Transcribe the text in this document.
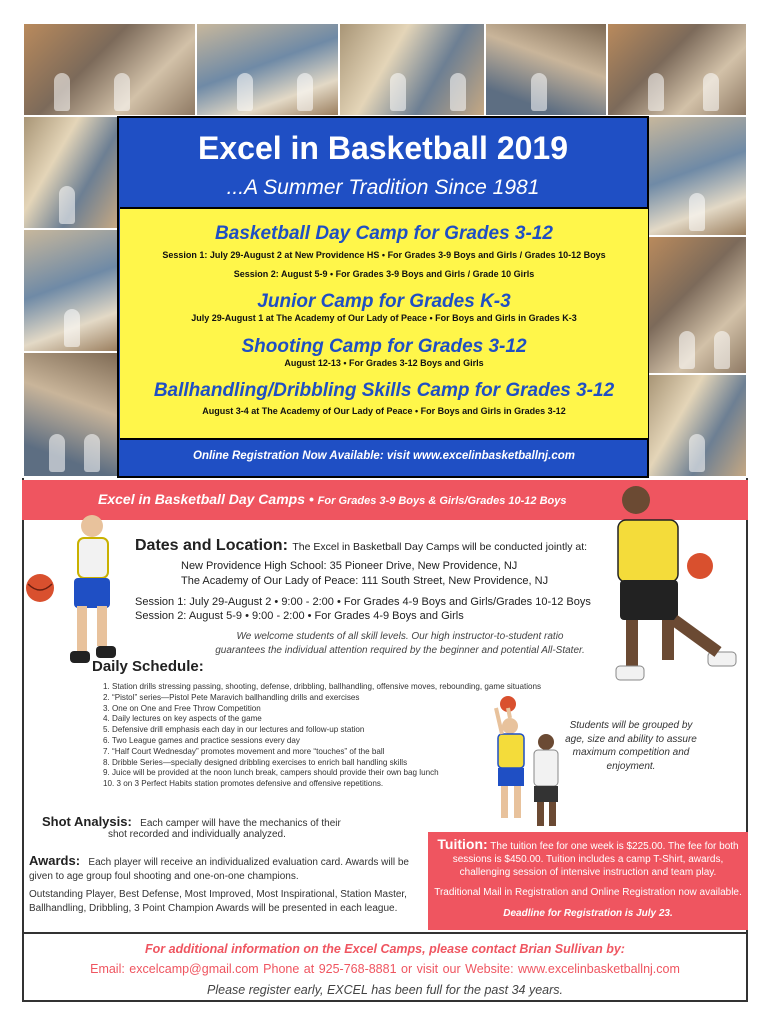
Excel in Basketball 2019
...A Summer Tradition Since 1981
Basketball Day Camp for Grades 3-12
Session 1: July 29-August 2 at New Providence HS • For Grades 3-9 Boys and Girls / Grades 10-12 Boys
Session 2: August 5-9 • For Grades 3-9 Boys and Girls / Grade 10 Girls
Junior Camp for Grades K-3
July 29-August 1 at The Academy of Our Lady of Peace • For Boys and Girls in Grades K-3
Shooting Camp for Grades 3-12
August 12-13 • For Grades 3-12 Boys and Girls
Ballhandling/Dribbling Skills Camp for Grades 3-12
August 3-4 at The Academy of Our Lady of Peace • For Boys and Girls in Grades 3-12
Online Registration Now Available: visit www.excelinbasketballnj.com
Excel in Basketball Day Camps • For Grades 3-9 Boys & Girls/Grades 10-12 Boys
Dates and Location: The Excel in Basketball Day Camps will be conducted jointly at:
New Providence High School: 35 Pioneer Drive, New Providence, NJ
The Academy of Our Lady of Peace: 111 South Street, New Providence, NJ
Session 1: July 29-August 2 • 9:00 - 2:00 • For Grades 4-9 Boys and Girls/Grades 10-12 Boys
Session 2: August 5-9 • 9:00 - 2:00 • For Grades 4-9 Boys and Girls
We welcome students of all skill levels. Our high instructor-to-student ratio
guarantees the individual attention required by the beginner and potential All-Stater.
Daily Schedule:
1. Station drills stressing passing, shooting, defense, dribbling, ballhandling, offensive moves, rebounding, game situations
2. “Pistol” series—Pistol Pete Maravich ballhandling drills and exercises
3. One on One and Free Throw Competition
4. Daily lectures on key aspects of the game
5. Defensive drill emphasis each day in our lectures and follow-up station
6. Two League games and practice sessions every day
7. “Half Court Wednesday” promotes movement and more “touches” of the ball
8. Dribble Series—specially designed dribbling exercises to enrich ball handling skills
9. Juice will be provided at the noon lunch break, campers should provide their own bag lunch
10. 3 on 3 Perfect Habits station promotes defensive and offensive repetitions.
Students will be grouped by age, size and ability to assure maximum competition and enjoyment.
Shot Analysis: Each camper will have the mechanics of their
shot recorded and individually analyzed.
Awards: Each player will receive an individualized evaluation card. Awards will be given to age group foul shooting and one-on-one champions.
Outstanding Player, Best Defense, Most Improved, Most Inspirational, Station Master, Ballhandling, Dribbling, 3 Point Champion Awards will be presented in each league.
Tuition: The tuition fee for one week is $225.00. The fee for both sessions is $450.00. Tuition includes a camp T-Shirt, awards, challenging session of intensive instruction and team play.
Traditional Mail in Registration and Online Registration now available.
Deadline for Registration is July 23.
For additional information on the Excel Camps, please contact Brian Sullivan by:
Email: excelcamp@gmail.com Phone at 925-768-8881 or visit our Website: www.excelinbasketballnj.com
Please register early, EXCEL has been full for the past 34 years.
